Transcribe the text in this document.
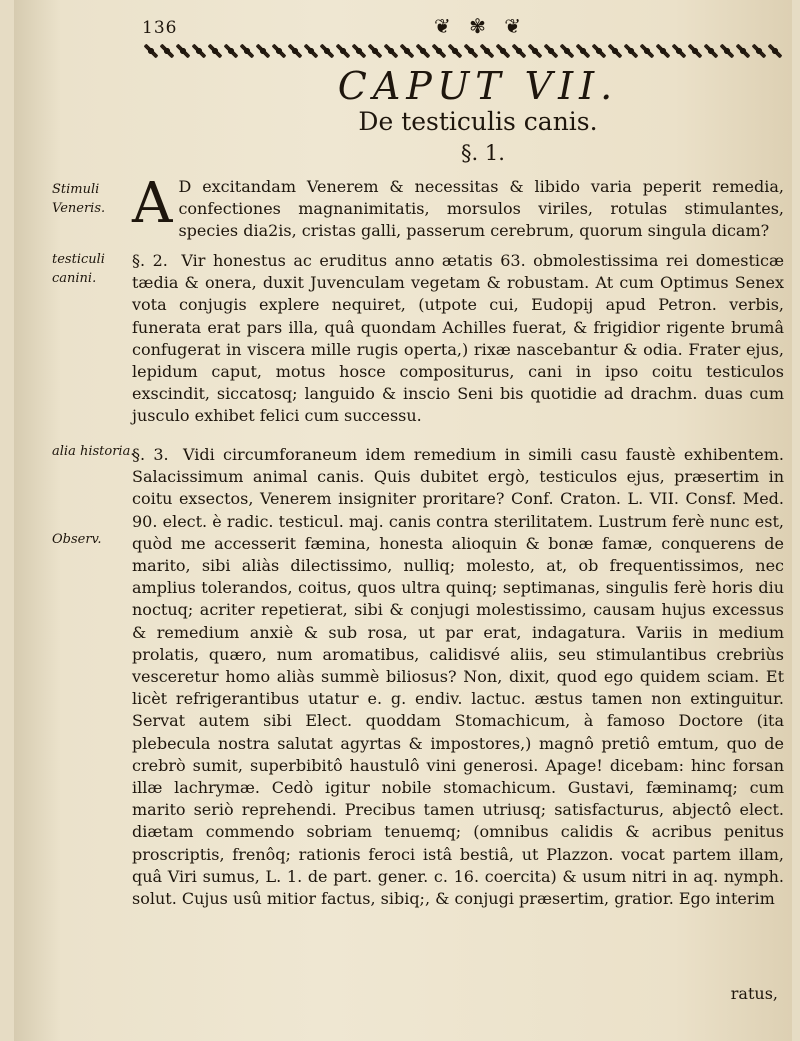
136	❦ ✾ ❦
CAPUT VII.
De testiculis canis.
§. 1.
Stimuli Veneris.
testiculi canini.
alia historia.
Observ.
A D excitandam Venerem & necessitas & libido varia peperit remedia, confectiones magnanimitatis, morsulos viriles, rotulas stimulantes, species dia2is, cristas galli, passerum cerebrum, quorum singula dicam?
§. 2. Vir honestus ac eruditus anno ætatis 63. obmolestissima rei domesticæ tædia & onera, duxit Juvenculam vegetam & robustam. At cum Optimus Senex vota conjugis explere nequiret, (utpote cui, Eudopij apud Petron. verbis, funerata erat pars illa, quâ quondam Achilles fuerat, & frigidior rigente brumâ confugerat in viscera mille rugis operta,) rixæ nascebantur & odia. Frater ejus, lepidum caput, motus hosce compositurus, cani in ipso coitu testiculos exscindit, siccatosq; languido & inscio Seni bis quotidie ad drachm. duas cum jusculo exhibet felici cum successu.
§. 3. Vidi circumforaneum idem remedium in simili casu faustè exhibentem. Salacissimum animal canis. Quis dubitet ergò, testiculos ejus, præsertim in coitu exsectos, Venerem insigniter proritare? Conf. Craton. L. VII. Consf. Med. 90. elect. è radic. testicul. maj. canis contra sterilitatem. Lustrum ferè nunc est, quòd me accesserit fæmina, honesta alioquin & bonæ famæ, conquerens de marito, sibi aliàs dilectissimo, nulliq; molesto, at, ob frequentissimos, nec amplius tolerandos, coitus, quos ultra quinq; septimanas, singulis ferè horis diu noctuq; acriter repetierat, sibi & conjugi molestissimo, causam hujus excessus & remedium anxiè & sub rosa, ut par erat, indagatura. Variis in medium prolatis, quæro, num aromatibus, calidisvé aliis, seu stimulantibus crebriùs vesceretur homo aliàs summè biliosus? Non, dixit, quod ego quidem sciam. Et licèt refrigerantibus utatur e. g. endiv. lactuc. æstus tamen non extinguitur. Servat autem sibi Elect. quoddam Stomachicum, à famoso Doctore (ita plebecula nostra salutat agyrtas & impostores,) magnô pretiô emtum, quo de crebrò sumit, superbibitô haustulô vini generosi. Apage! dicebam: hinc forsan illæ lachrymæ. Cedò igitur nobile stomachicum. Gustavi, fæminamq; cum marito seriò reprehendi. Precibus tamen utriusq; satisfacturus, abjectô elect. diætam commendo sobriam tenuemq; (omnibus calidis & acribus penitus proscriptis, frenôq; rationis feroci istâ bestiâ, ut Plazzon. vocat partem illam, quâ Viri sumus, L. 1. de part. gener. c. 16. coercita) & usum nitri in aq. nymph. solut. Cujus usû mitior factus, sibiq;, & conjugi præsertim, gratior. Ego interim
ratus,
